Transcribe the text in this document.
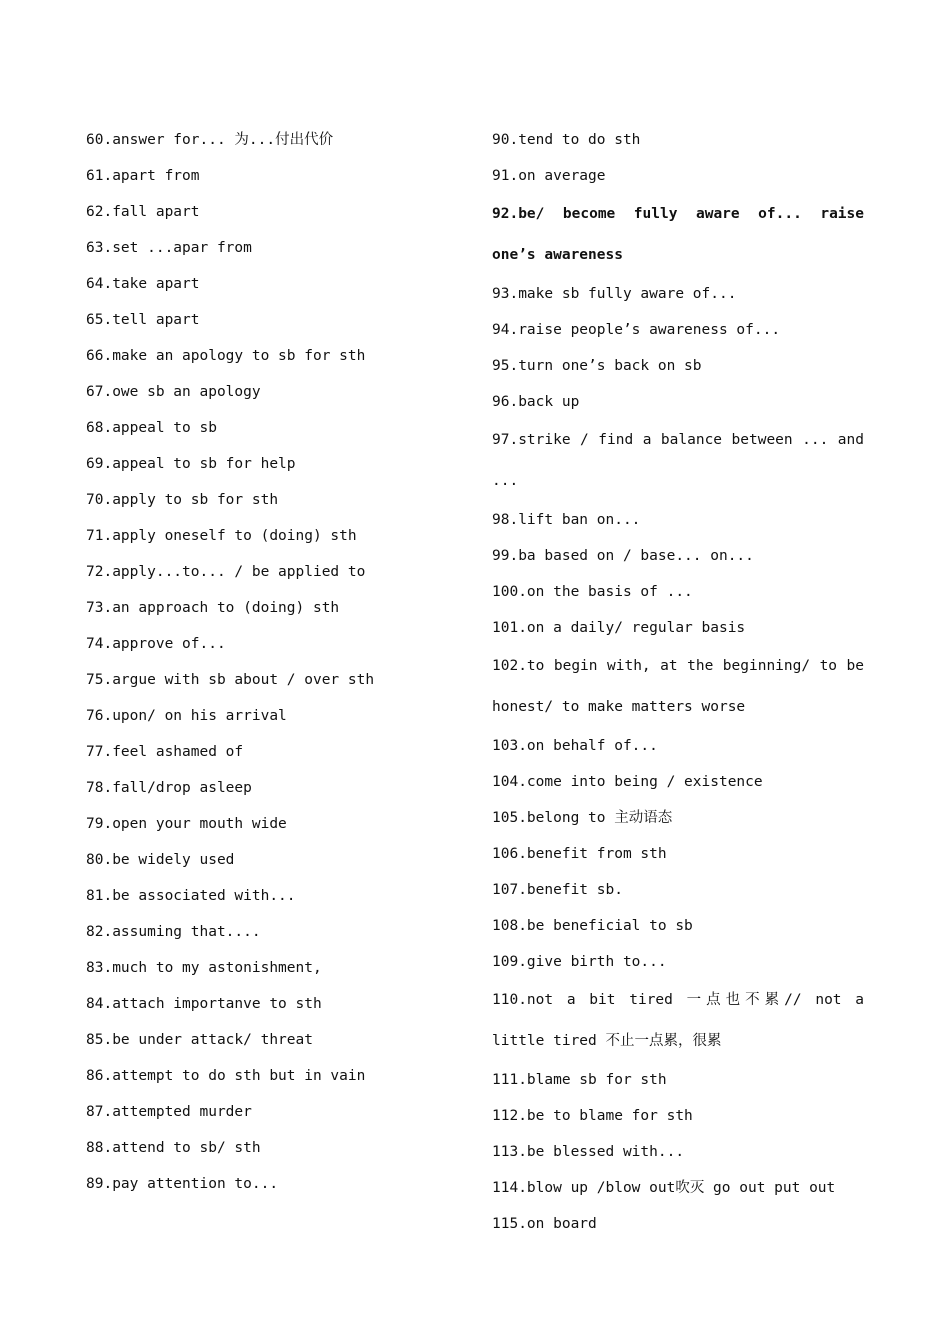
60.answer for... 为...付出代价
61.apart from
62.fall apart
63.set ...apar from
64.take apart
65.tell apart
66.make an apology to sb for sth
67.owe sb an apology
68.appeal to sb
69.appeal to sb for help
70.apply to sb for sth
71.apply oneself to (doing) sth
72.apply...to... / be applied to
73.an approach to (doing) sth
74.approve of...
75.argue with sb about / over sth
76.upon/ on his arrival
77.feel ashamed of
78.fall/drop asleep
79.open your mouth wide
80.be widely used
81.be associated with...
82.assuming that....
83.much to my astonishment,
84.attach importanve to sth
85.be under attack/ threat
86.attempt to do sth but in vain
87.attempted murder
88.attend to sb/ sth
89.pay attention to...
90.tend to do sth
91.on average
92.be/ become fully aware of... raise one’s awareness
93.make sb fully aware of...
94.raise people’s awareness of...
95.turn one’s back on sb
96.back up
97.strike / find a balance between ... and ...
98.lift ban on...
99.ba based on / base... on...
100.on the basis of ...
101.on a daily/ regular basis
102.to begin with, at the beginning/ to be honest/ to make matters worse
103.on behalf of...
104.come into being / existence
105.belong to 主动语态
106.benefit from sth
107.benefit sb.
108.be beneficial to sb
109.give birth to...
110.not a bit tired 一点也不累// not a little tired 不止一点累，很累
111.blame sb for sth
112.be to blame for sth
113.be blessed with...
114.blow up /blow out吹灭 go out put out
115.on board
